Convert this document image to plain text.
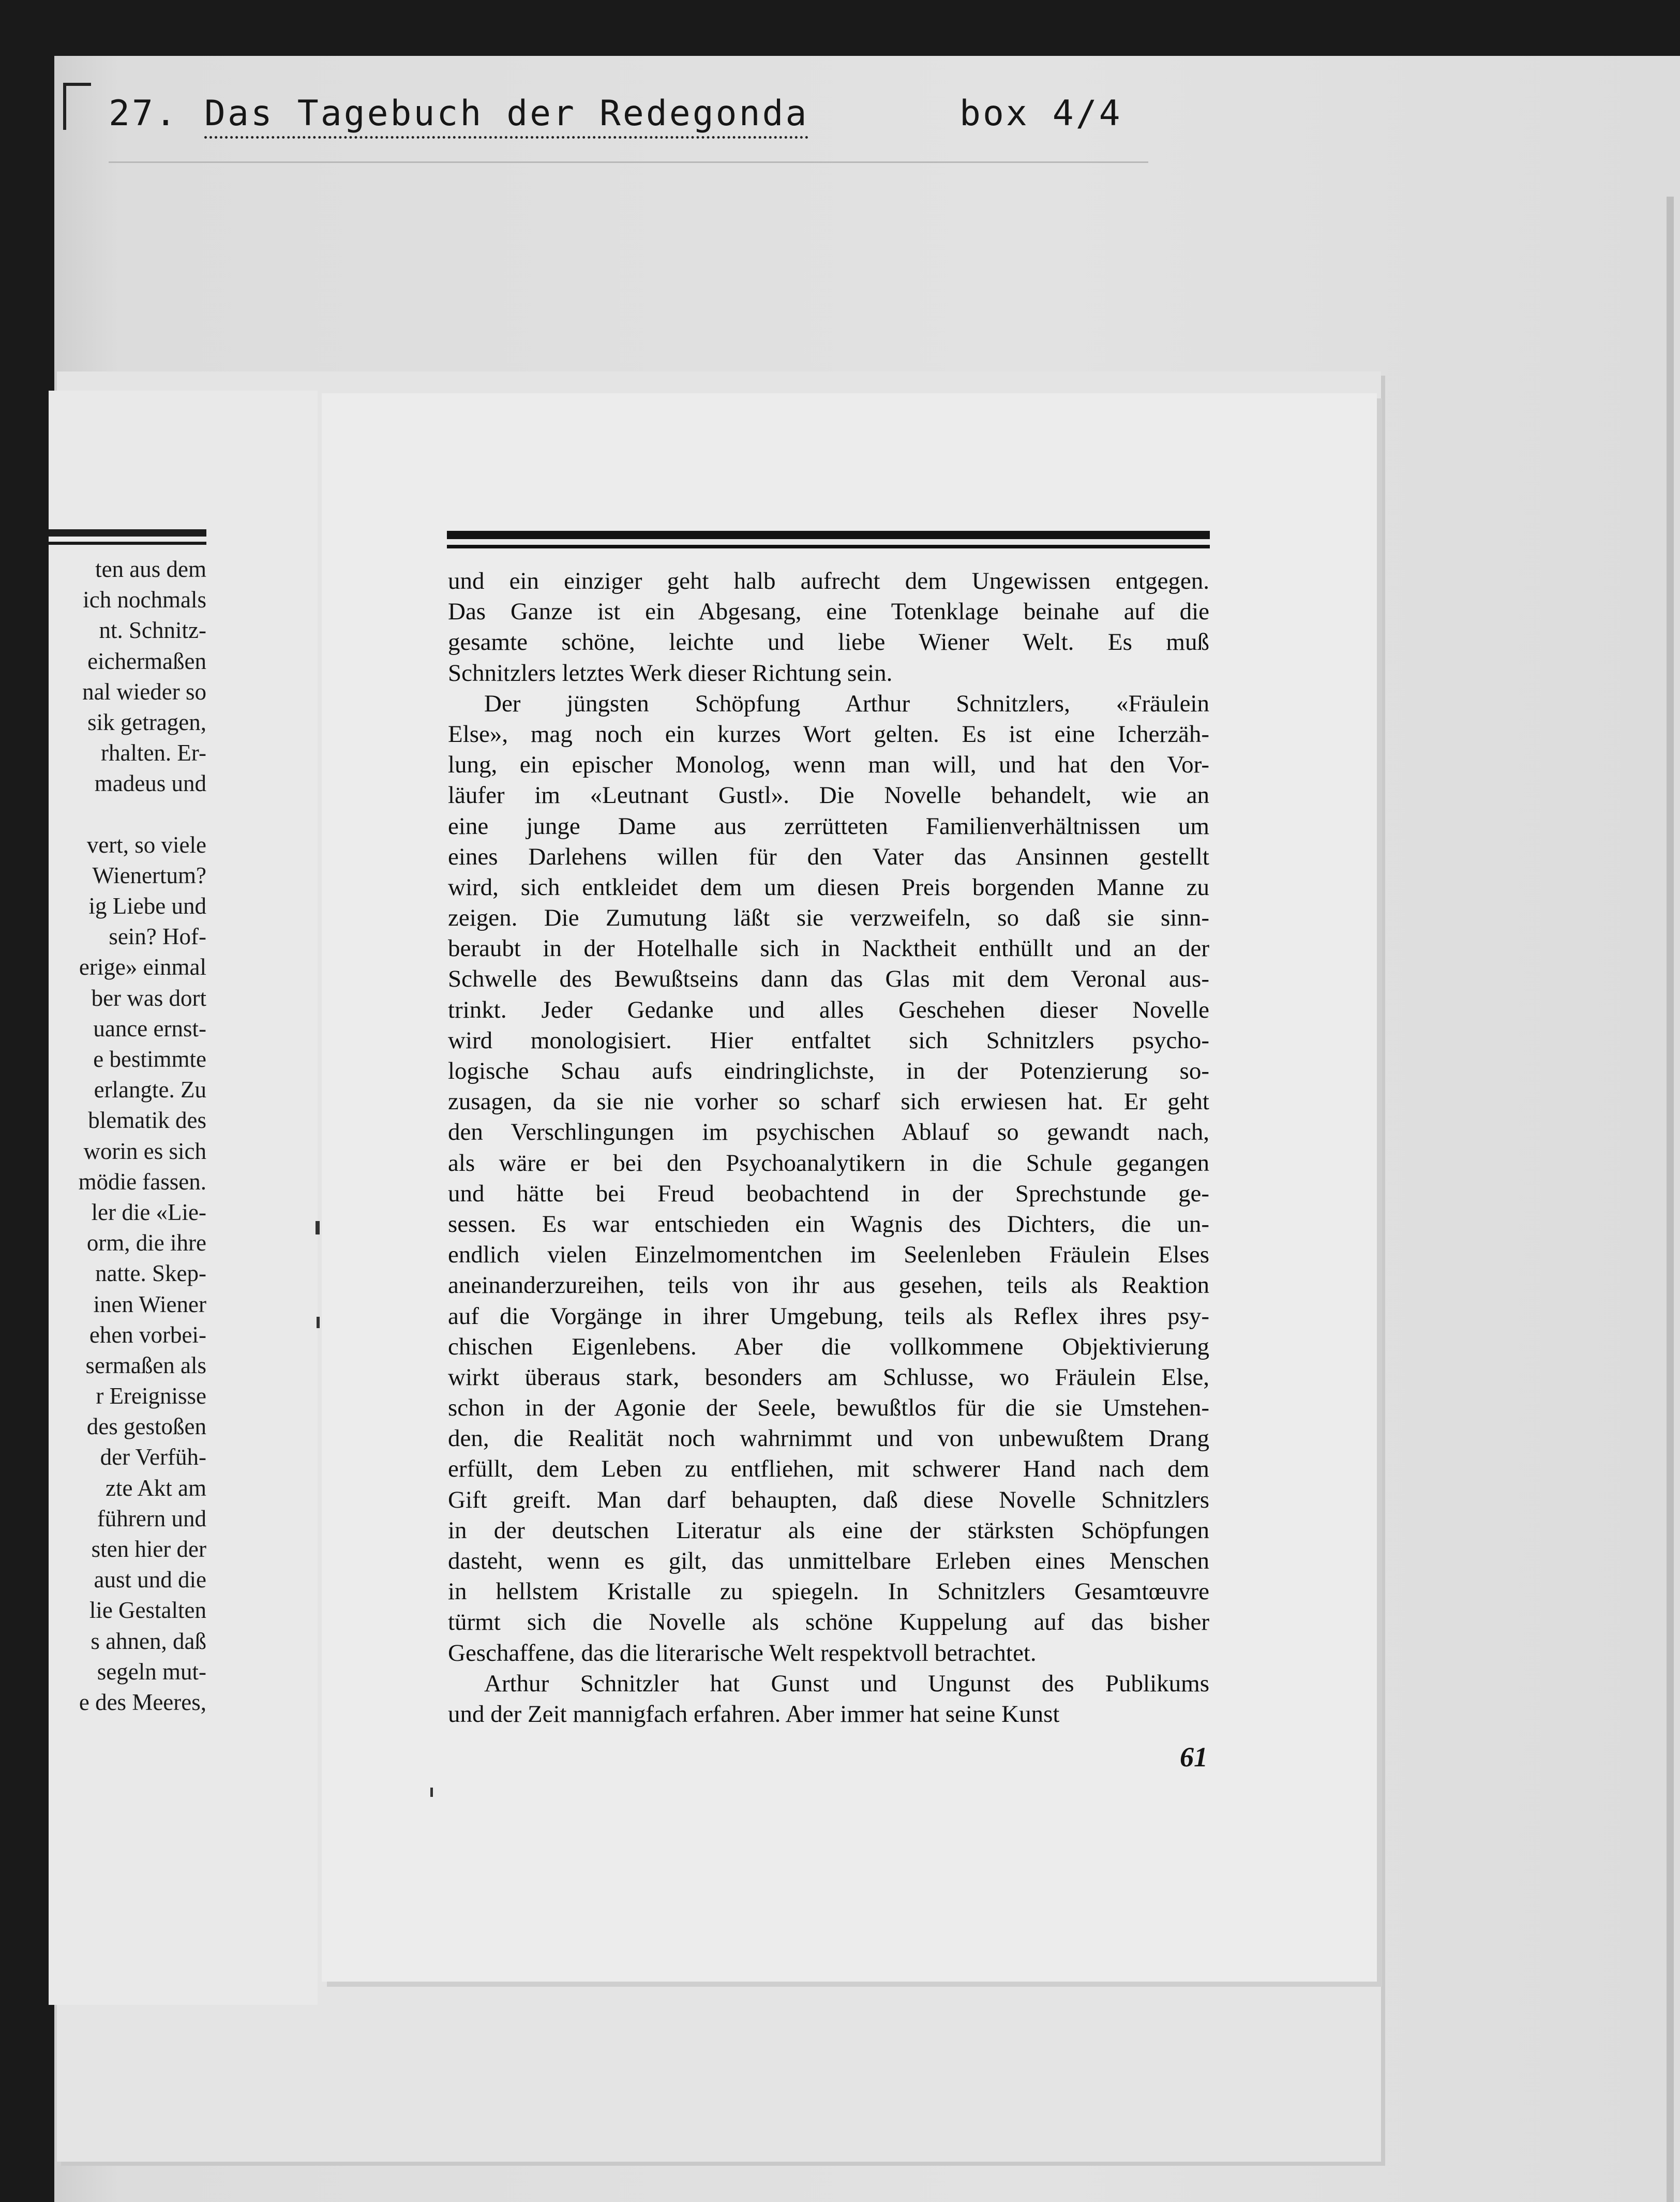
27. Das Tagebuch der Redegonda	box 4/4
ten aus dem
ich nochmals
nt. Schnitz-
eichermaßen
nal wieder so
sik getragen,
rhalten. Er-
madeus und
vert, so viele
Wienertum?
ig Liebe und
sein? Hof-
erige» einmal
ber was dort
uance ernst-
e bestimmte
erlangte. Zu
blematik des
worin es sich
mödie fassen.
ler die «Lie-
orm, die ihre
natte. Skep-
inen Wiener
ehen vorbei-
sermaßen als
r Ereignisse
des gestoßen
der Verfüh-
zte Akt am
führern und
sten hier der
aust und die
lie Gestalten
s ahnen, daß
segeln mut-
e des Meeres,
und ein einziger geht halb aufrecht dem Ungewissen entgegen.
Das Ganze ist ein Abgesang, eine Totenklage beinahe auf die
gesamte schöne, leichte und liebe Wiener Welt. Es muß
Schnitzlers letztes Werk dieser Richtung sein.
Der jüngsten Schöpfung Arthur Schnitzlers, «Fräulein
Else», mag noch ein kurzes Wort gelten. Es ist eine Icherzäh-
lung, ein epischer Monolog, wenn man will, und hat den Vor-
läufer im «Leutnant Gustl». Die Novelle behandelt, wie an
eine junge Dame aus zerrütteten Familienverhältnissen um
eines Darlehens willen für den Vater das Ansinnen gestellt
wird, sich entkleidet dem um diesen Preis borgenden Manne zu
zeigen. Die Zumutung läßt sie verzweifeln, so daß sie sinn-
beraubt in der Hotelhalle sich in Nacktheit enthüllt und an der
Schwelle des Bewußtseins dann das Glas mit dem Veronal aus-
trinkt. Jeder Gedanke und alles Geschehen dieser Novelle
wird monologisiert. Hier entfaltet sich Schnitzlers psycho-
logische Schau aufs eindringlichste, in der Potenzierung so-
zusagen, da sie nie vorher so scharf sich erwiesen hat. Er geht
den Verschlingungen im psychischen Ablauf so gewandt nach,
als wäre er bei den Psychoanalytikern in die Schule gegangen
und hätte bei Freud beobachtend in der Sprechstunde ge-
sessen. Es war entschieden ein Wagnis des Dichters, die un-
endlich vielen Einzelmomentchen im Seelenleben Fräulein Elses
aneinanderzureihen, teils von ihr aus gesehen, teils als Reaktion
auf die Vorgänge in ihrer Umgebung, teils als Reflex ihres psy-
chischen Eigenlebens. Aber die vollkommene Objektivierung
wirkt überaus stark, besonders am Schlusse, wo Fräulein Else,
schon in der Agonie der Seele, bewußtlos für die sie Umstehen-
den, die Realität noch wahrnimmt und von unbewußtem Drang
erfüllt, dem Leben zu entfliehen, mit schwerer Hand nach dem
Gift greift. Man darf behaupten, daß diese Novelle Schnitzlers
in der deutschen Literatur als eine der stärksten Schöpfungen
dasteht, wenn es gilt, das unmittelbare Erleben eines Menschen
in hellstem Kristalle zu spiegeln. In Schnitzlers Gesamtœuvre
türmt sich die Novelle als schöne Kuppelung auf das bisher
Geschaffene, das die literarische Welt respektvoll betrachtet.
Arthur Schnitzler hat Gunst und Ungunst des Publikums
und der Zeit mannigfach erfahren. Aber immer hat seine Kunst
61
